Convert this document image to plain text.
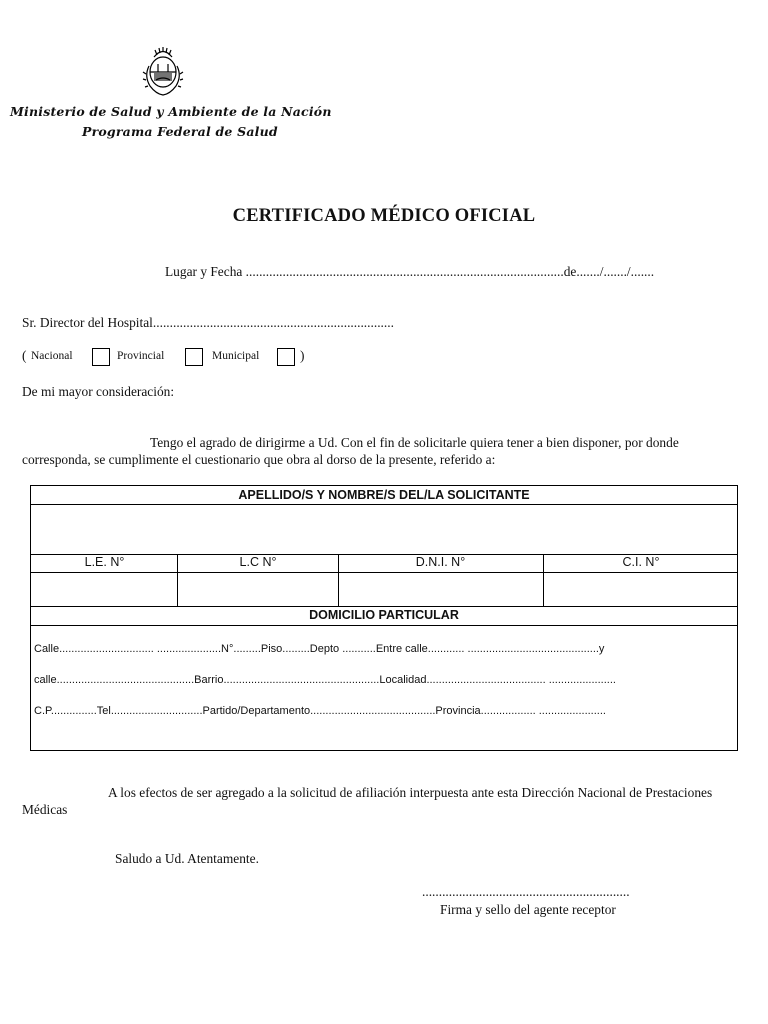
Ministerio de Salud y Ambiente de la Nación
Programa Federal de Salud
CERTIFICADO MÉDICO OFICIAL
Lugar y Fecha ...............................................................................................de......./......./.......
Sr. Director del Hospital........................................................................
( Nacional	Provincial	Municipal	)
De mi mayor consideración:
Tengo el agrado de dirigirme a Ud. Con el fin de solicitarle quiera tener a bien disponer, por donde corresponda, se cumplimente el cuestionario que obra al dorso de la presente, referido a:
APELLIDO/S Y NOMBRE/S DEL/LA SOLICITANTE
L.E. N°	L.C N°	D.N.I. N°	C.I. N°
DOMICILIO PARTICULAR
Calle............................... .....................N°.........Piso.........Depto ...........Entre calle............ ...........................................y
calle.............................................Barrio...................................................Localidad....................................... ......................
C.P...............Tel..............................Partido/Departamento.........................................Provincia.................. ......................
A los efectos de ser agregado a la solicitud de afiliación interpuesta ante esta Dirección Nacional de Prestaciones Médicas
Saludo a Ud. Atentamente.
..............................................................
Firma y sello del agente receptor
